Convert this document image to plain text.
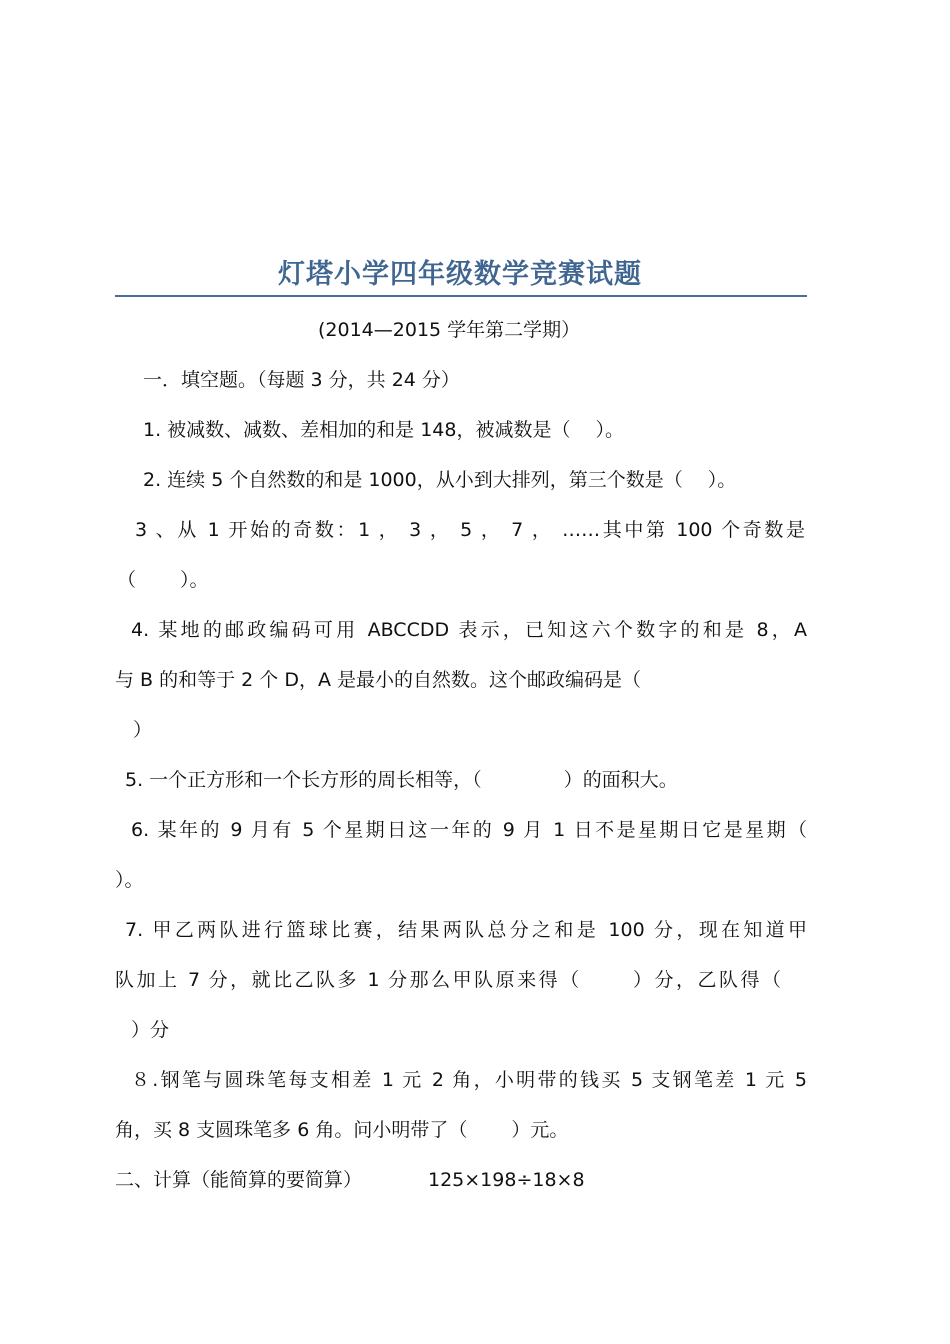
灯塔小学四年级数学竞赛试题
(2014—2015 学年第二学期）
一．填空题。（每题 3 分，共 24 分）
1. 被减数、减数、差相加的和是 148，被减数是（　 ）。
2. 连续 5 个自然数的和是 1000，从小到大排列，第三个数是（　 ）。
3 、从 1 开始的奇数：1 ， 3 ， 5 ， 7 ， ……其中第 100 个奇数是
（　　 ）。
4. 某地的邮政编码可用 ABCCDD 表示，已知这六个数字的和是 8，A
与 B 的和等于 2 个 D，A 是最小的自然数。这个邮政编码是（
）
5. 一个正方形和一个长方形的周长相等，（　　　　 ）的面积大。
6. 某年的 9 月有 5 个星期日这一年的 9 月 1 日不是星期日它是星期（
）。
7. 甲乙两队进行篮球比赛，结果两队总分之和是 100 分，现在知道甲
队加上 7 分，就比乙队多 1 分那么甲队原来得（　　 ）分，乙队得（
）分
８.钢笔与圆珠笔每支相差 1 元 2 角，小明带的钱买 5 支钢笔差 1 元 5
角，买 8 支圆珠笔多 6 角。问小明带了（　　 ）元。
二、计算（能简算的要简算）	125×198÷18×8
